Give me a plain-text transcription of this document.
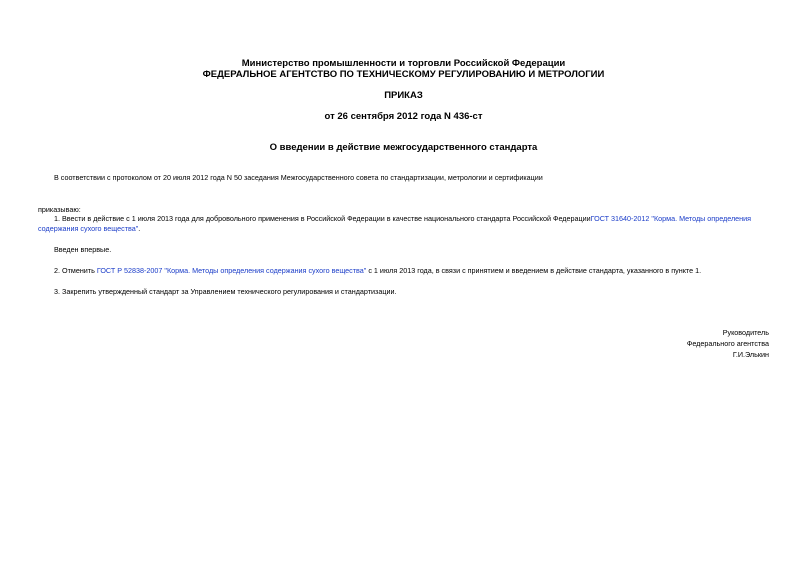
Министерство промышленности и торговли Российской Федерации
ФЕДЕРАЛЬНОЕ АГЕНТСТВО ПО ТЕХНИЧЕСКОМУ РЕГУЛИРОВАНИЮ И МЕТРОЛОГИИ
ПРИКАЗ
от 26 сентября 2012 года N 436-ст
О введении в действие межгосударственного стандарта
В соответствии с протоколом от 20 июля 2012 года N 50 заседания Межгосударственного совета по стандартизации, метрологии и сертификации
приказываю:
1. Ввести в действие с 1 июля 2013 года для добровольного применения в Российской Федерации в качестве национального стандарта Российской ФедерацииГОСТ 31640-2012 "Корма. Методы определения содержания сухого вещества".
Введен впервые.
2. Отменить ГОСТ Р 52838-2007 "Корма. Методы определения содержания сухого вещества" с 1 июля 2013 года, в связи с принятием и введением в действие стандарта, указанного в пункте 1.
3. Закрепить утвержденный стандарт за Управлением технического регулирования и стандартизации.
Руководитель
Федерального агентства
Г.И.Элькин
